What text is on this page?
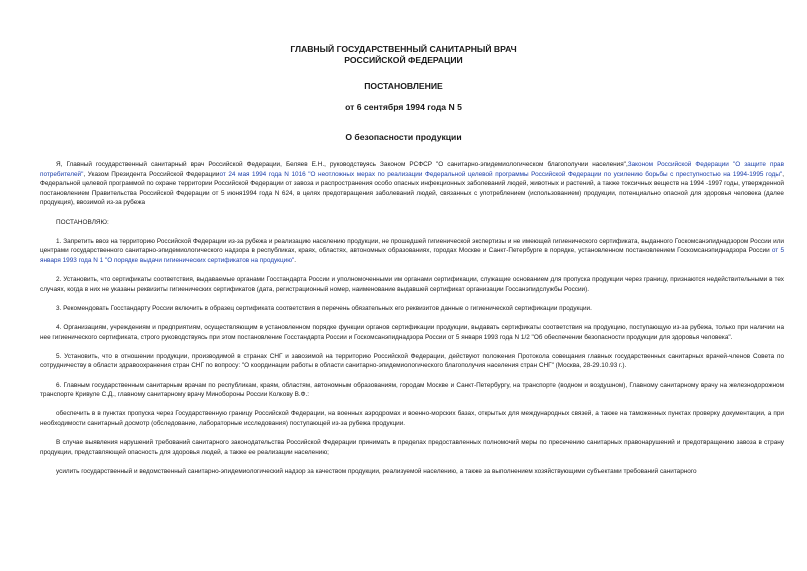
ГЛАВНЫЙ ГОСУДАРСТВЕННЫЙ САНИТАРНЫЙ ВРАЧ
РОССИЙСКОЙ ФЕДЕРАЦИИ
ПОСТАНОВЛЕНИЕ
от 6 сентября 1994 года N 5
О безопасности продукции

Я, Главный государственный санитарный врач Российской Федерации, Беляев Е.Н., руководствуясь Законом РСФСР "О санитарно-эпидемиологическом благополучии населения",Законом Российской Федерации "О защите прав потребителей", Указом Президента Российской Федерацииот 24 мая 1994 года N 1016 "О неотложных мерах по реализации Федеральной целевой программы Российской Федерации по усилению борьбы с преступностью на 1994-1995 годы", Федеральной целевой программой по охране территории Российской Федерации от завоза и распространения особо опасных инфекционных заболеваний людей, животных и растений, а также токсичных веществ на 1994 -1997 годы, утвержденной постановлением Правительства Российской Федерации от 5 июня1994 года N 624, в целях предотвращения заболеваний людей, связанных с употреблением (использованием) продукции, потенциально опасной для здоровья человека (далее продукция), ввозимой из-за рубежа

ПОСТАНОВЛЯЮ:

1. Запретить ввоз на территорию Российской Федерации из-за рубежа и реализацию населению продукции, не прошедшей гигиенической экспертизы и не имеющей гигиенического сертификата, выданного Госкомсанэпиднадзором России или центрами государственного санитарно-эпидемиологического надзора в республиках, краях, областях, автономных образованиях, городах Москве и Санкт-Петербурге в порядке, установленном постановлением Госкомсанэпиднадзора России от 5 января 1993 года N 1 "О порядке выдачи гигиенических сертификатов на продукцию".

2. Установить, что сертификаты соответствия, выдаваемые органами Госстандарта России и уполномоченными им органами сертификации, служащие основанием для пропуска продукции через границу, признаются недействительными в тех случаях, когда в них не указаны реквизиты гигиенических сертификатов (дата, регистрационный номер, наименование выдавшей сертификат организации Госсанэпидслужбы России).

3. Рекомендовать Госстандарту России включить в образец сертификата соответствия в перечень обязательных его реквизитов данные о гигиенической сертификации продукции.

4. Организациям, учреждениям и предприятиям, осуществляющим в установленном порядке функции органов сертификации продукции, выдавать сертификаты соответствия на продукцию, поступающую из-за рубежа, только при наличии на нее гигиенического сертификата, строго руководствуясь при этом постановление Госстандарта России и Госкомсанэпиднадзора России от 5 января 1993 года N 1/2 "Об обеспечении безопасности продукции для здоровья человека".

5. Установить, что в отношении продукции, производимой в странах СНГ и завозимой на территорию Российской Федерации, действуют положения Протокола совещания главных государственных санитарных врачей-членов Совета по сотрудничеству в области здравоохранения стран СНГ по вопросу: "О координации работы в области санитарно-эпидемиологического благополучия населения стран СНГ" (Москва, 28-29.10.93 г.).

6. Главным государственным санитарным врачам по республикам, краям, областям, автономным образованиям, городам Москве и Санкт-Петербургу, на транспорте (водном и воздушном), Главному санитарному врачу на железнодорожном транспорте Кривуле С.Д., главному санитарному врачу Минобороны России Колкову В.Ф.:

обеспечить в в пунктах пропуска через Государственную границу Российской Федерации, на военных аэродромах и военно-морских базах, открытых для международных связей, а также на таможенных пунктах проверку документации, а при необходимости санитарный досмотр (обследование, лабораторные исследования) поступающей из-за рубежа продукции.

В случае выявления нарушений требований санитарного законодательства Российской Федерации принимать в пределах предоставленных полномочий меры по пресечению санитарных правонарушений и предотвращению завоза в страну продукции, представляющей опасность для здоровья людей, а также ее реализации населению;

усилить государственный и ведомственный санитарно-эпидемиологический надзор за качеством продукции, реализуемой населению, а также за выполнением хозяйствующими субъектами требований санитарного
